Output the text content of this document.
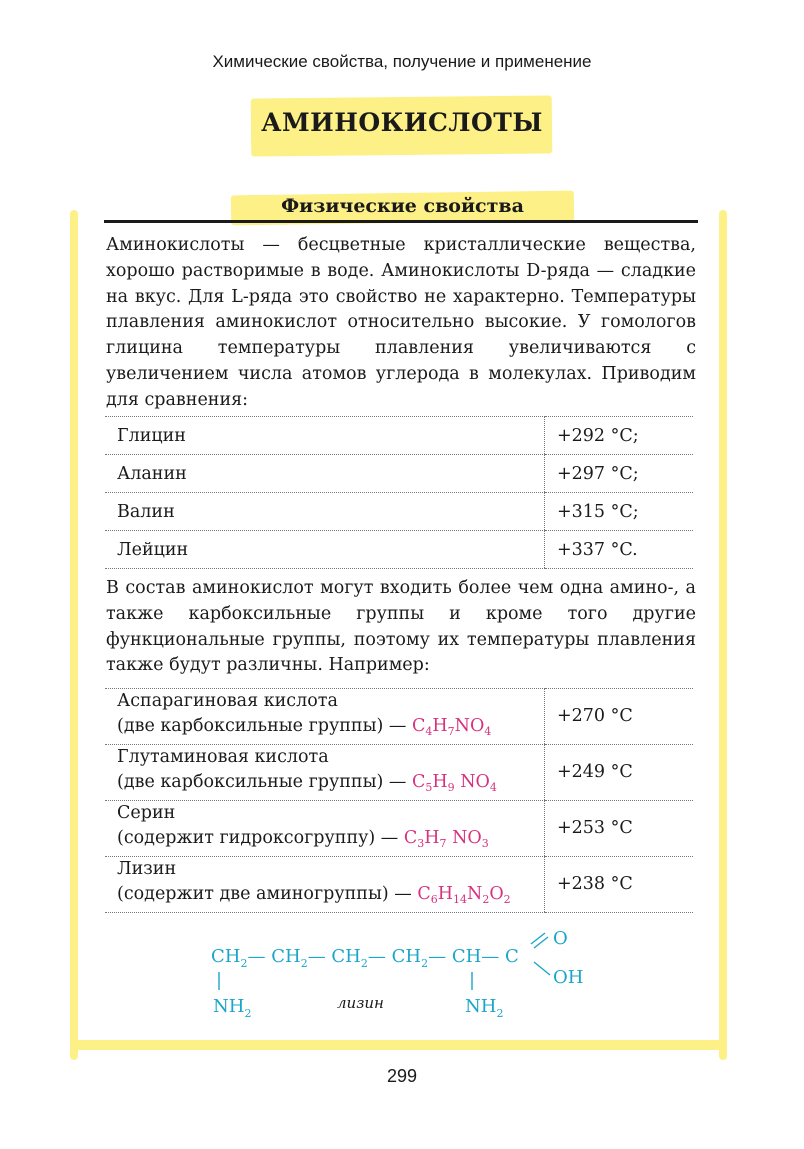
Химические свойства, получение и применение
АМИНОКИСЛОТЫ
Физические свойства
Аминокислоты — бесцветные кристаллические вещества, хорошо растворимые в воде. Аминокислоты D-ряда — сладкие на вкус. Для L-ряда это свойство не характерно. Температуры плавления аминокислот относительно высокие. У гомологов глицина температуры плавления увеличиваются с увеличением числа атомов углерода в молекулах. Приводим для сравнения:
Глицин	+292 °C;
Аланин	+297 °C;
Валин	+315 °C;
Лейцин	+337 °C.
В состав аминокислот могут входить более чем одна амино-, а также карбоксильные группы и кроме того другие функциональные группы, поэтому их температуры плавления также будут различны. Например:
Аспарагиновая кислота
(две карбоксильные группы) — $C_4H_7NO_4$	+270 °C

Глутаминовая кислота
(две карбоксильные группы) — $C_5H_9$ $NO_4$	+249 °C

Серин
(содержит гидроксогруппу) — $C_3H_7$ $NO_3$	+253 °C

Лизин
(содержит две аминогруппы) — $C_6H_{14}N_2O_2$	+238 °C
$CH_2—$ $CH_2—$ $CH_2—$ $CH_2—$ CH— C
$NH_2$	$NH_2$
O
OH
лизин
299
